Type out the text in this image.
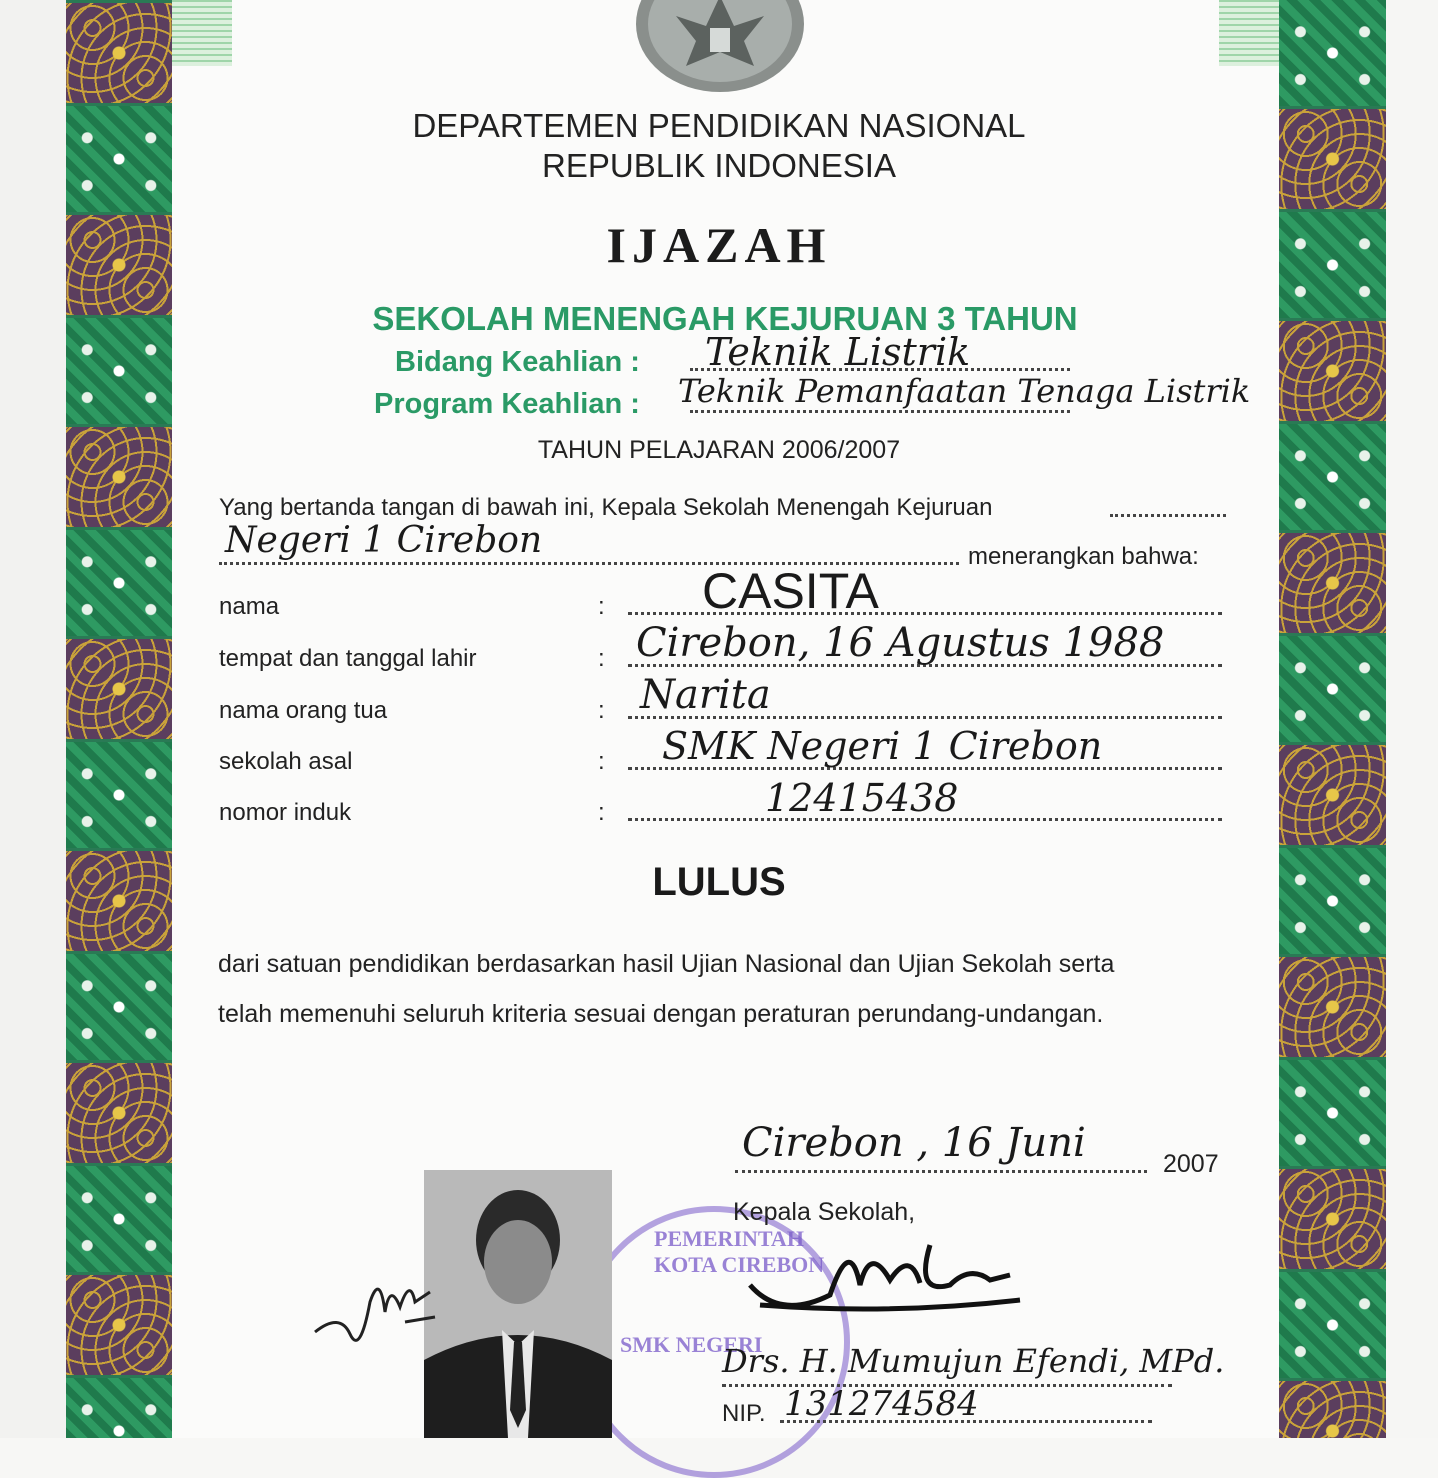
DEPARTEMEN PENDIDIKAN NASIONAL
REPUBLIK INDONESIA
IJAZAH
SEKOLAH MENENGAH KEJURUAN 3 TAHUN
Bidang Keahlian : Teknik Listrik
Program Keahlian : Teknik Pemanfaatan Tenaga Listrik
TAHUN PELAJARAN 2006/2007
Yang bertanda tangan di bawah ini, Kepala Sekolah Menengah Kejuruan
Negeri 1 Cirebon	menerangkan bahwa:
nama	: CASITA
tempat dan tanggal lahir	: Cirebon, 16 Agustus 1988
nama orang tua	: Narita
sekolah asal	: SMK Negeri 1 Cirebon
nomor induk	:	12415438
LULUS
dari satuan pendidikan berdasarkan hasil Ujian Nasional dan Ujian Sekolah serta
telah memenuhi seluruh kriteria sesuai dengan peraturan perundang-undangan.
PEMERINTAH KOTA CIREBON
SMK NEGERI
Cirebon , 16 Juni	2007
Kepala Sekolah,
Drs. H. Mumujun Efendi, MPd.
NIP. 131274584
